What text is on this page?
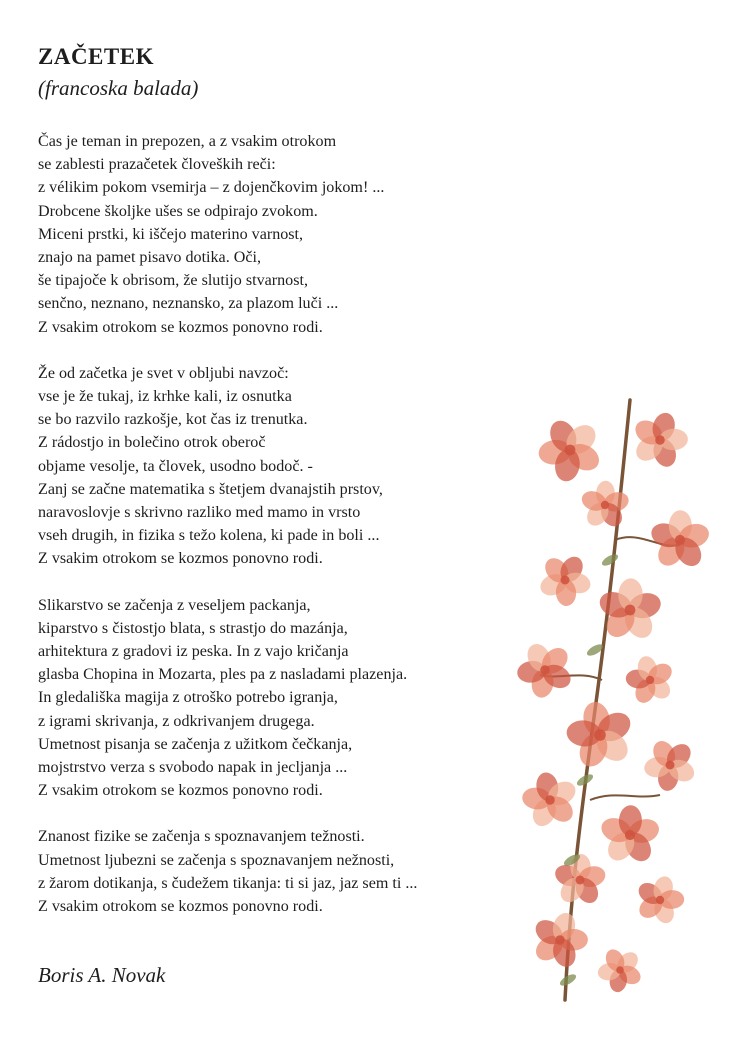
ZAČETEK

(francoska balada)

Čas je teman in prepozen, a z vsakim otrokom
se zablesti prazačetek človeških reči:
z vélikim pokom vsemirja – z dojenčkovim jokom! ...
Drobcene školjke ušes se odpirajo zvokom.
Miceni prstki, ki iščejo materino varnost,
znajo na pamet pisavo dotika. Oči,
še tipajoče k obrisom, že slutijo stvarnost,
senčno, neznano, neznansko, za plazom luči ...
Z vsakim otrokom se kozmos ponovno rodi.

Že od začetka je svet v obljubi navzoč:
vse je že tukaj, iz krhke kali, iz osnutka
se bo razvilo razkošje, kot čas iz trenutka.
Z rádostjo in bolečino otrok oberoč
objame vesolje, ta človek, usodno bodoč. -
Zanj se začne matematika s štetjem dvanajstih prstov,
naravoslovje s skrivno razliko med mamo in vrsto
vseh drugih, in fizika s težo kolena, ki pade in boli ...
Z vsakim otrokom se kozmos ponovno rodi.

Slikarstvo se začenja z veseljem packanja,
kiparstvo s čistostjo blata, s strastjo do mazánja,
arhitektura z gradovi iz peska. In z vajo kričanja
glasba Chopina in Mozarta, ples pa z nasladami plazenja.
In gledališka magija z otroško potrebo igranja,
z igrami skrivanja, z odkrivanjem drugega.
Umetnost pisanja se začenja z užitkom čečkanja,
mojstrstvo verza s svobodo napak in jecljanja ...
Z vsakim otrokom se kozmos ponovno rodi.

Znanost fizike se začenja s spoznavanjem težnosti.
Umetnost ljubezni se začenja s spoznavanjem nežnosti,
z žarom dotikanja, s čudežem tikanja: ti si jaz, jaz sem ti ...
Z vsakim otrokom se kozmos ponovno rodi.

Boris A. Novak
